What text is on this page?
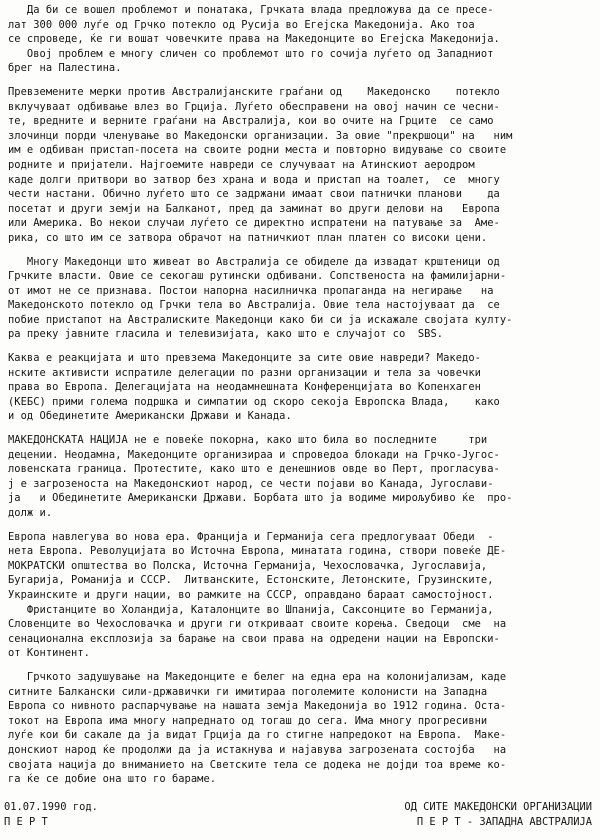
Да би се вошел проблемот и понатака, Грчката влада предложува да се пресе-
лат 300 000 луѓе од Грчко потекло од Русија во Егејска Македонија. Ако тоа
се спроведе, ќе ги вошат човечките права на Македонците во Егејска Македонија.
Овој проблем е многу сличен со проблемот што го сочија луѓето од Западниот
брег на Палестина.
Превземените мерки против Австралијанските граѓани од    Македонско    потекло
вклучуваат одбивање влез во Грција. Луѓето обесправени на овој начин се чесни-
те, вредните и верните граѓани на Австралија, кои во очите на Грците  се само
злочинци порди членување во Македонски организации. За овие "прекршоци" на   ним
им е одбиван пристап-посета на своите родни места и повторно видување со своите
родните и пријатели. Најгоемите навреди се случуваат на Атинскиот аеродром
каде долги притвори во затвор без храна и вода и пристап на тоалет,  се  многу
чести настани. Обично луѓето што се задржани имаат свои патнички планови    да
посетат и други земји на Балканот, пред да заминат во други делови на   Европа
или Америка. Во некои случаи луѓето се директно испратени на патување за  Аме-
рика, со што им се затвора обрачот на патничкиот план платен со високи цени.
Многу Македонци што живеат во Австралија се обиделе да извадат крштеници од
Грчките власти. Овие се секогаш рутински одбивани. Сопственоста на фамилијарни-
от имот не се признава. Постои напорна насилничка пропаганда на негирање   на
Македонското потекло од Грчки тела во Австралија. Овие тела настојуваат да  се
побие пристапот на Австралиските Македонци како би си ја искажале својата култу-
ра преку јавните гласила и телевизијата, како што е случајот со  SBS.
Каква е реакцијата и што превзема Македонците за сите овие навреди? Македо-
нските активисти испратиле делегации по разни организации и тела за човечки
права во Европа. Делегацијата на неодамнешната Конференцијата во Копенхаген
(КЕБС) прими голема подршка и симпатии од скоро секоја Европска Влада,    како
и од Обединетите Американски Држави и Канада.
МАКЕДОНСКАТА НАЦИЈА не е повеќе покорна, како што била во последните     три
децении. Неодамна, Македонците организираа и спроведоа блокади на Грчко-Југос-
ловенската граница. Протестите, како што е денешниов овде во Перт, прогласува-
ј е загрозеноста на Македонскиот народ, се чести појави во Канада, Југослави-
ја   и Обединетите Американски Држави. Борбата што ја водиме мирољубиво ќе  про-
долж и.
Европа навлегува во нова ера. Франција и Германија сега предлогуваат Обеди  -
нета Европа. Револуцијата во Источна Европа, минатата година, створи повеќе ДЕ-
МОКРАТСКИ општества во Полска, Источна Германија, Чехословачка, Југославија,
Бугарија, Романија и СССР.  Литванските, Естонските, Летонските, Грузинските,
Украинските и други нации, во рамките на СССР, оправдано бараат самостојност.
Фристанците во Холандија, Каталонците во Шпанија, Саксонците во Германија,
Словенците во Чехословачка и други ги откриваат своите корења. Сведоци  сме  на
сенационална експлозија за барање на свои права на одредени нации на Европски-
от Континент.
Грчкото задушување на Македонците е белег на една ера на колонијализам, каде
ситните Балкански сили-државички ги имитираа поголемите колонисти на Западна
Европа со нивното распарчување на нашата земја Македонија во 1912 година. Оста-
токот на Европа има многу напреднато од тогаш до сега. Има многу прогресивни
луѓе кои би сакале да ја видат Грција да го стигне напредокот на Европа.  Маке-
донскиот народ ќе продолжи да ја истакнува и најавува загрозената состојба   на
својата нација до вниманието на Светските тела се додека не дојди тоа време ко-
га ќе се добие она што го бараме.
01.07.1990 год.	ОД СИТЕ МАКЕДОНСКИ ОРГАНИЗАЦИИ
П Е Р Т	П Е Р Т - ЗАПАДНА АВСТРАЛИЈА
